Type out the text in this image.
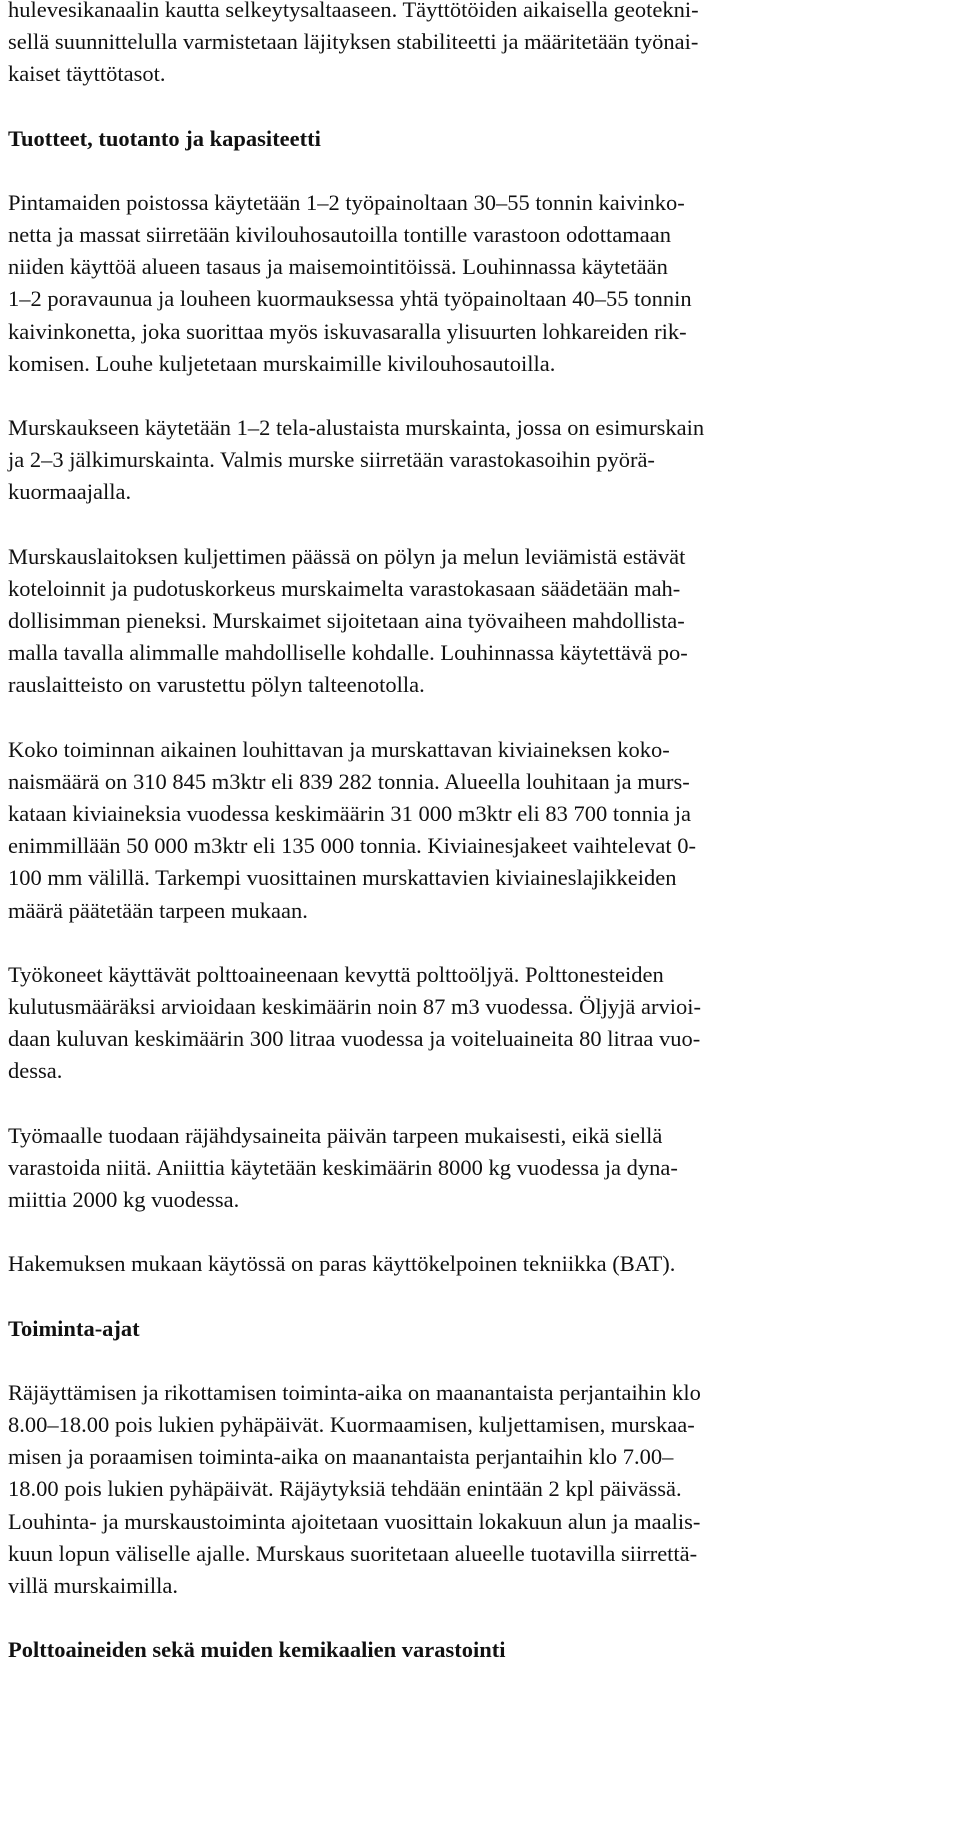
hulevesikanaalin kautta selkeytysaltaaseen. Täyttötöiden aikaisella geotekni-
sellä suunnittelulla varmistetaan läjityksen stabiliteetti ja määritetään työnai-
kaiset täyttötasot.

Tuotteet, tuotanto ja kapasiteetti

Pintamaiden poistossa käytetään 1–2 työpainoltaan 30–55 tonnin kaivinko-
netta ja massat siirretään kivilouhosautoilla tontille varastoon odottamaan
niiden käyttöä alueen tasaus ja maisemointitöissä. Louhinnassa käytetään
1–2 poravaunua ja louheen kuormauksessa yhtä työpainoltaan 40–55 tonnin
kaivinkonetta, joka suorittaa myös iskuvasaralla ylisuurten lohkareiden rik-
komisen. Louhe kuljetetaan murskaimille kivilouhosautoilla.

Murskaukseen käytetään 1–2 tela-alustaista murskainta, jossa on esimurskain
ja 2–3 jälkimurskainta. Valmis murske siirretään varastokasoihin pyörä-
kuormaajalla.

Murskauslaitoksen kuljettimen päässä on pölyn ja melun leviämistä estävät
koteloinnit ja pudotuskorkeus murskaimelta varastokasaan säädetään mah-
dollisimman pieneksi. Murskaimet sijoitetaan aina työvaiheen mahdollista-
malla tavalla alimmalle mahdolliselle kohdalle. Louhinnassa käytettävä po-
rauslaitteisto on varustettu pölyn talteenotolla.

Koko toiminnan aikainen louhittavan ja murskattavan kiviaineksen koko-
naismäärä on 310 845 m3ktr eli 839 282 tonnia. Alueella louhitaan ja murs-
kataan kiviaineksia vuodessa keskimäärin 31 000 m3ktr eli 83 700 tonnia ja
enimmillään 50 000 m3ktr eli 135 000 tonnia. Kiviainesjakeet vaihtelevat 0-
100 mm välillä. Tarkempi vuosittainen murskattavien kiviaineslajikkeiden
määrä päätetään tarpeen mukaan.

Työkoneet käyttävät polttoaineenaan kevyttä polttoöljyä. Polttonesteiden
kulutusmääräksi arvioidaan keskimäärin noin 87 m3 vuodessa. Öljyjä arvioi-
daan kuluvan keskimäärin 300 litraa vuodessa ja voiteluaineita 80 litraa vuo-
dessa.

Työmaalle tuodaan räjähdysaineita päivän tarpeen mukaisesti, eikä siellä
varastoida niitä. Aniittia käytetään keskimäärin 8000 kg vuodessa ja dyna-
miittia 2000 kg vuodessa.

Hakemuksen mukaan käytössä on paras käyttökelpoinen tekniikka (BAT).

Toiminta-ajat

Räjäyttämisen ja rikottamisen toiminta-aika on maanantaista perjantaihin klo
8.00–18.00 pois lukien pyhäpäivät. Kuormaamisen, kuljettamisen, murskaa-
misen ja poraamisen toiminta-aika on maanantaista perjantaihin klo 7.00–
18.00 pois lukien pyhäpäivät. Räjäytyksiä tehdään enintään 2 kpl päivässä.
Louhinta- ja murskaustoiminta ajoitetaan vuosittain lokakuun alun ja maalis-
kuun lopun väliselle ajalle. Murskaus suoritetaan alueelle tuotavilla siirrettä-
villä murskaimilla.

Polttoaineiden sekä muiden kemikaalien varastointi
